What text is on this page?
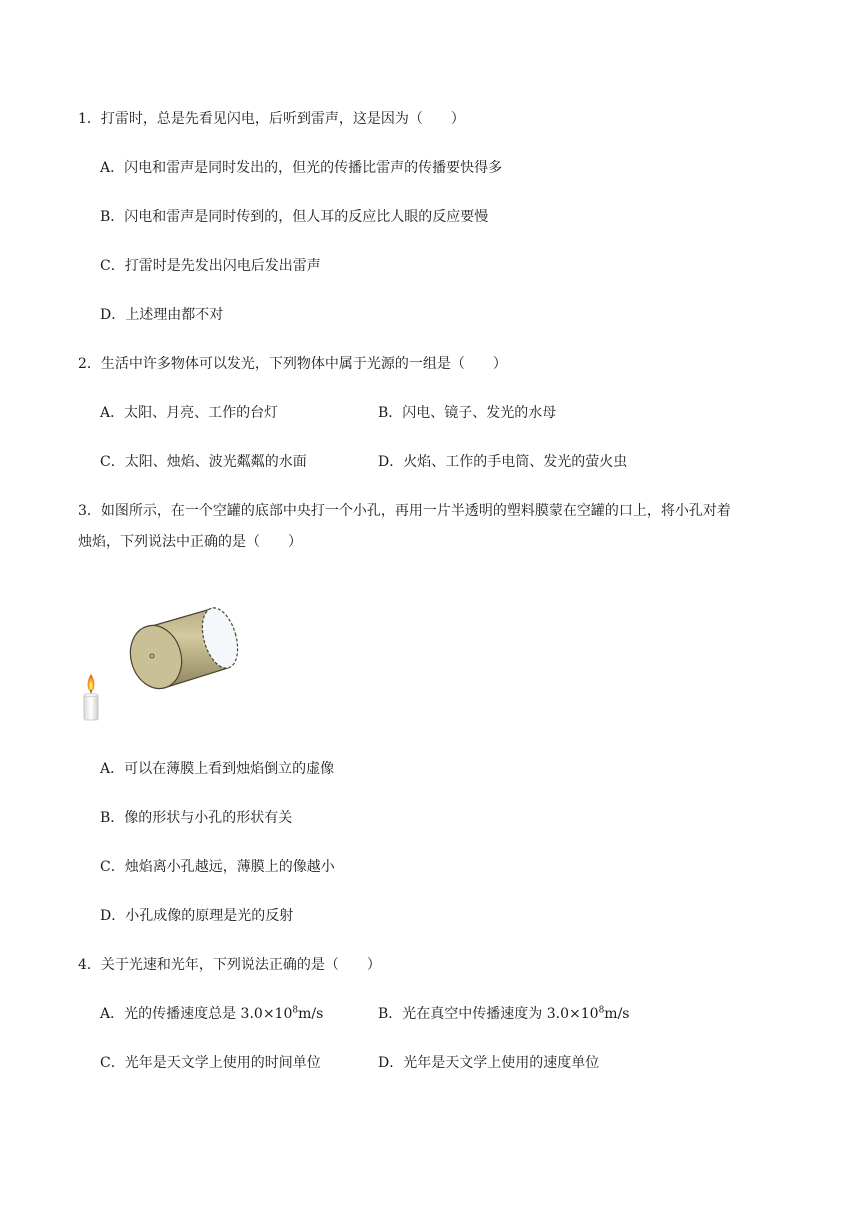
1．打雷时，总是先看见闪电，后听到雷声，这是因为（　　）
A．闪电和雷声是同时发出的，但光的传播比雷声的传播要快得多
B．闪电和雷声是同时传到的，但人耳的反应比人眼的反应要慢
C．打雷时是先发出闪电后发出雷声
D．上述理由都不对
2．生活中许多物体可以发光，下列物体中属于光源的一组是（　　）
A．太阳、月亮、工作的台灯	B．闪电、镜子、发光的水母
C．太阳、烛焰、波光粼粼的水面	D．火焰、工作的手电筒、发光的萤火虫
3．如图所示，在一个空罐的底部中央打一个小孔，再用一片半透明的塑料膜蒙在空罐的口上，将小孔对着
烛焰，下列说法中正确的是（　　）
A．可以在薄膜上看到烛焰倒立的虚像
B．像的形状与小孔的形状有关
C．烛焰离小孔越远，薄膜上的像越小
D．小孔成像的原理是光的反射
4．关于光速和光年，下列说法正确的是（　　）
A．光的传播速度总是 $3.0\times 10^8m/s$	B．光在真空中传播速度为 $3.0\times 10^8m/s$
C．光年是天文学上使用的时间单位	D．光年是天文学上使用的速度单位
